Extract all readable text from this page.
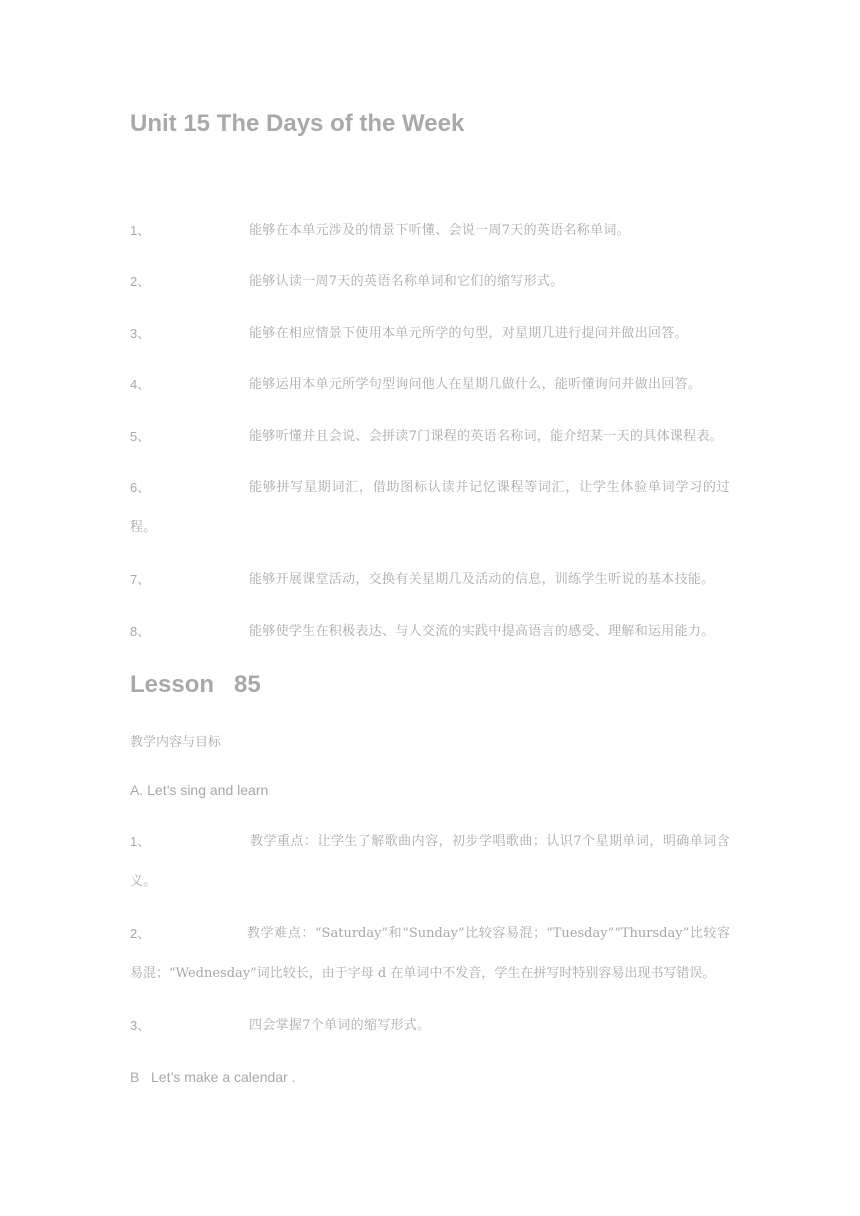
Unit 15 The Days of the Week
1、	能够在本单元涉及的情景下听懂、会说一周7天的英语名称单词。
2、	能够认读一周7天的英语名称单词和它们的缩写形式。
3、	能够在相应情景下使用本单元所学的句型，对星期几进行提问并做出回答。
4、	能够运用本单元所学句型询问他人在星期几做什么，能听懂询问并做出回答。
5、	能够听懂并且会说、会拼读7门课程的英语名称词，能介绍某一天的具体课程表。
6、	能够拼写星期词汇，借助图标认读并记忆课程等词汇，让学生体验单词学习的过程。
7、	能够开展课堂活动，交换有关星期几及活动的信息，训练学生听说的基本技能。
8、	能够使学生在积极表达、与人交流的实践中提高语言的感受、理解和运用能力。
Lesson   85
教学内容与目标
A. Let’s sing and learn
1、	教学重点：让学生了解歌曲内容，初步学唱歌曲；认识7个星期单词，明确单词含义。
2、	教学难点：“Saturday”和“Sunday”比较容易混；“Tuesday”“Thursday”比较容易混；“Wednesday”词比较长，由于字母 d 在单词中不发音，学生在拼写时特别容易出现书写错误。
3、	四会掌握7个单词的缩写形式。
B   Let’s make a calendar .
